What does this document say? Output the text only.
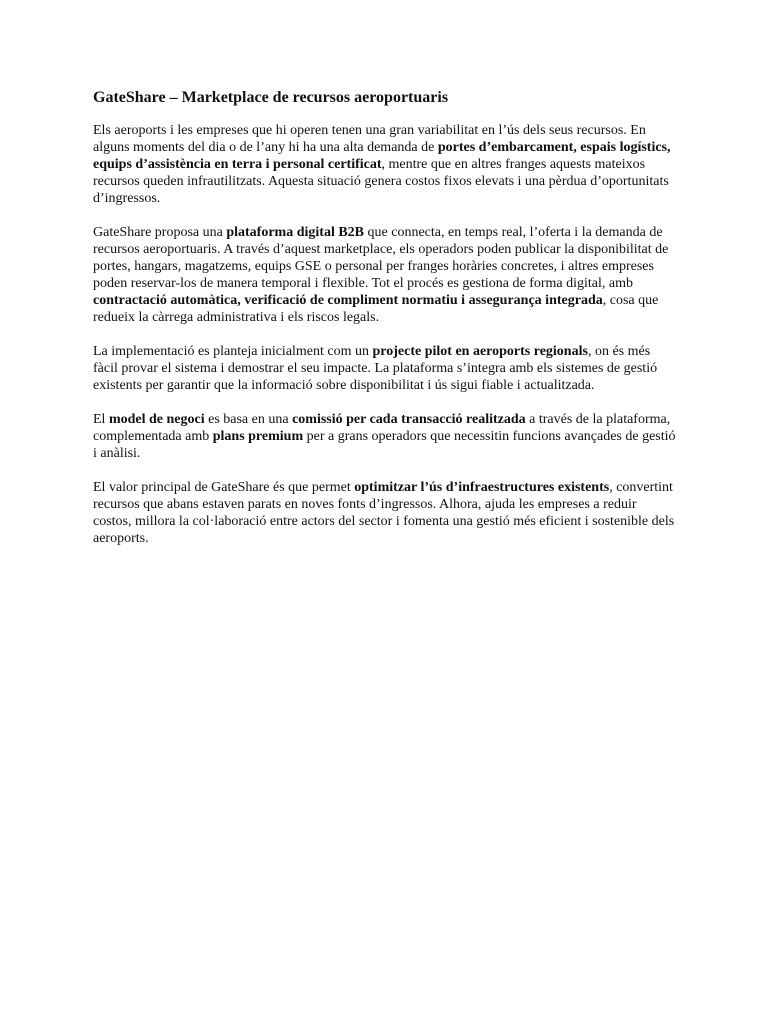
GateShare – Marketplace de recursos aeroportuaris

Els aeroports i les empreses que hi operen tenen una gran variabilitat en l’ús dels seus recursos. En alguns moments del dia o de l’any hi ha una alta demanda de portes d’embarcament, espais logístics, equips d’assistència en terra i personal certificat, mentre que en altres franges aquests mateixos recursos queden infrautilitzats. Aquesta situació genera costos fixos elevats i una pèrdua d’oportunitats d’ingressos.

GateShare proposa una plataforma digital B2B que connecta, en temps real, l’oferta i la demanda de recursos aeroportuaris. A través d’aquest marketplace, els operadors poden publicar la disponibilitat de portes, hangars, magatzems, equips GSE o personal per franges horàries concretes, i altres empreses poden reservar-los de manera temporal i flexible. Tot el procés es gestiona de forma digital, amb contractació automàtica, verificació de compliment normatiu i assegurança integrada, cosa que redueix la càrrega administrativa i els riscos legals.

La implementació es planteja inicialment com un projecte pilot en aeroports regionals, on és més fàcil provar el sistema i demostrar el seu impacte. La plataforma s’integra amb els sistemes de gestió existents per garantir que la informació sobre disponibilitat i ús sigui fiable i actualitzada.

El model de negoci es basa en una comissió per cada transacció realitzada a través de la plataforma, complementada amb plans premium per a grans operadors que necessitin funcions avançades de gestió i anàlisi.

El valor principal de GateShare és que permet optimitzar l’ús d’infraestructures existents, convertint recursos que abans estaven parats en noves fonts d’ingressos. Alhora, ajuda les empreses a reduir costos, millora la col·laboració entre actors del sector i fomenta una gestió més eficient i sostenible dels aeroports.
